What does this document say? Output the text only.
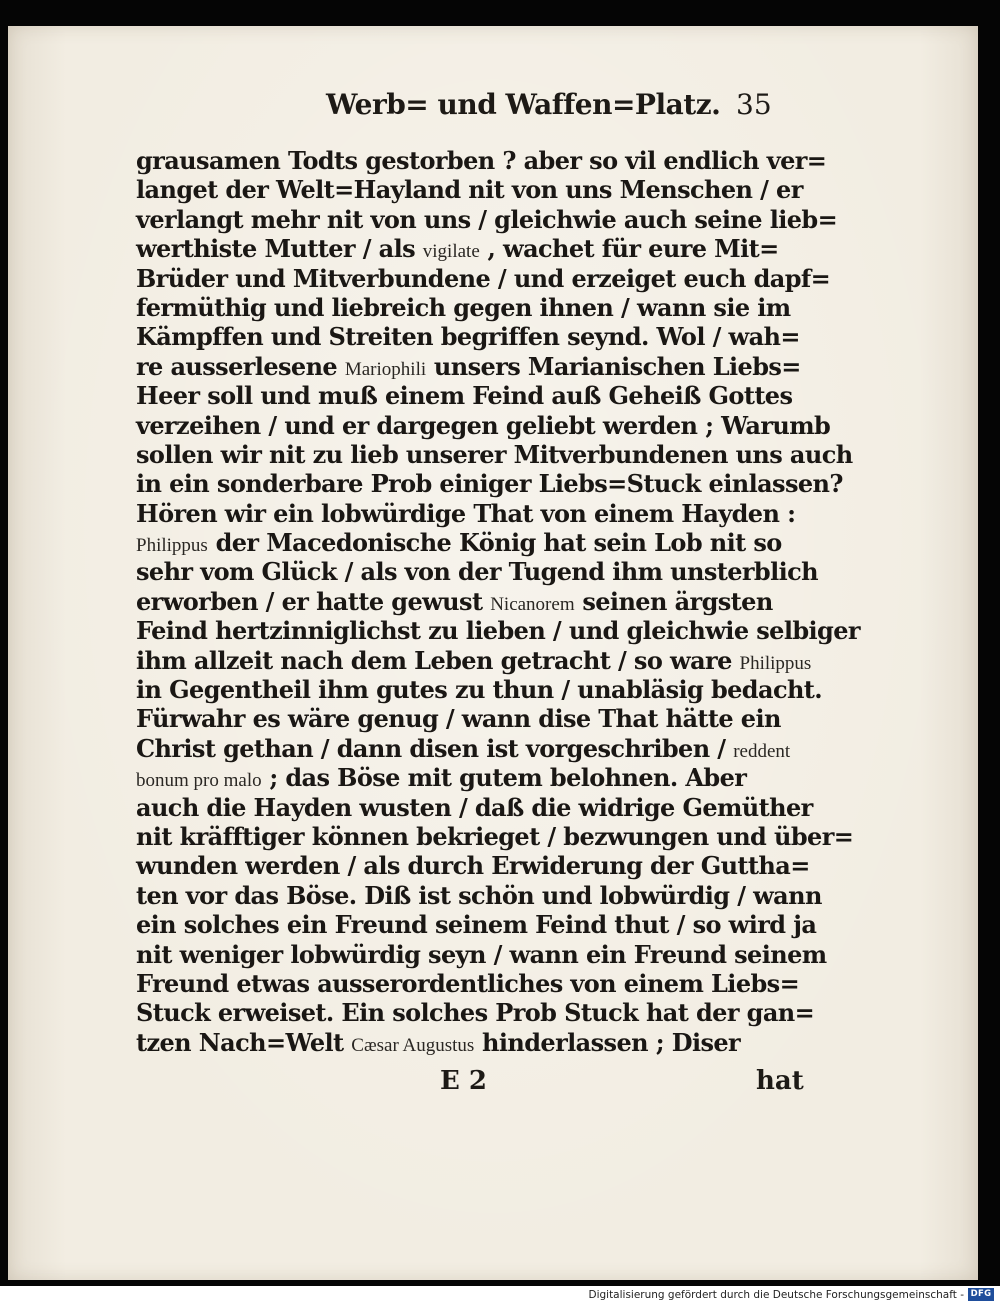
Werb= und Waffen=Platz. 35
grausamen Todts gestorben ? aber so vil endlich ver=
langet der Welt=Hayland nit von uns Menschen / er
verlangt mehr nit von uns / gleichwie auch seine lieb=
werthiste Mutter / als vigilate , wachet für eure Mit=
Brüder und Mitverbundene / und erzeiget euch dapf=
fermüthig und liebreich gegen ihnen / wann sie im
Kämpffen und Streiten begriffen seynd. Wol / wah=
re ausserlesene Mariophili unsers Marianischen Liebs=
Heer soll und muß einem Feind auß Geheiß Gottes
verzeihen / und er dargegen geliebt werden ; Warumb
sollen wir nit zu lieb unserer Mitverbundenen uns auch
in ein sonderbare Prob einiger Liebs=Stuck einlassen?
Hören wir ein lobwürdige That von einem Hayden :
Philippus der Macedonische König hat sein Lob nit so
sehr vom Glück / als von der Tugend ihm unsterblich
erworben / er hatte gewust Nicanorem seinen ärgsten
Feind hertzinniglichst zu lieben / und gleichwie selbiger
ihm allzeit nach dem Leben getracht / so ware Philippus
in Gegentheil ihm gutes zu thun / unabläsig bedacht.
Fürwahr es wäre genug / wann dise That hätte ein
Christ gethan / dann disen ist vorgeschriben / reddent
bonum pro malo ; das Böse mit gutem belohnen. Aber
auch die Hayden wusten / daß die widrige Gemüther
nit kräfftiger können bekrieget / bezwungen und über=
wunden werden / als durch Erwiderung der Guttha=
ten vor das Böse. Diß ist schön und lobwürdig / wann
ein solches ein Freund seinem Feind thut / so wird ja
nit weniger lobwürdig seyn / wann ein Freund seinem
Freund etwas ausserordentliches von einem Liebs=
Stuck erweiset. Ein solches Prob Stuck hat der gan=
tzen Nach=Welt Cæsar Augustus hinderlassen ; Diser
E 2	hat
Digitalisierung gefördert durch die Deutsche Forschungsgemeinschaft - DFG
